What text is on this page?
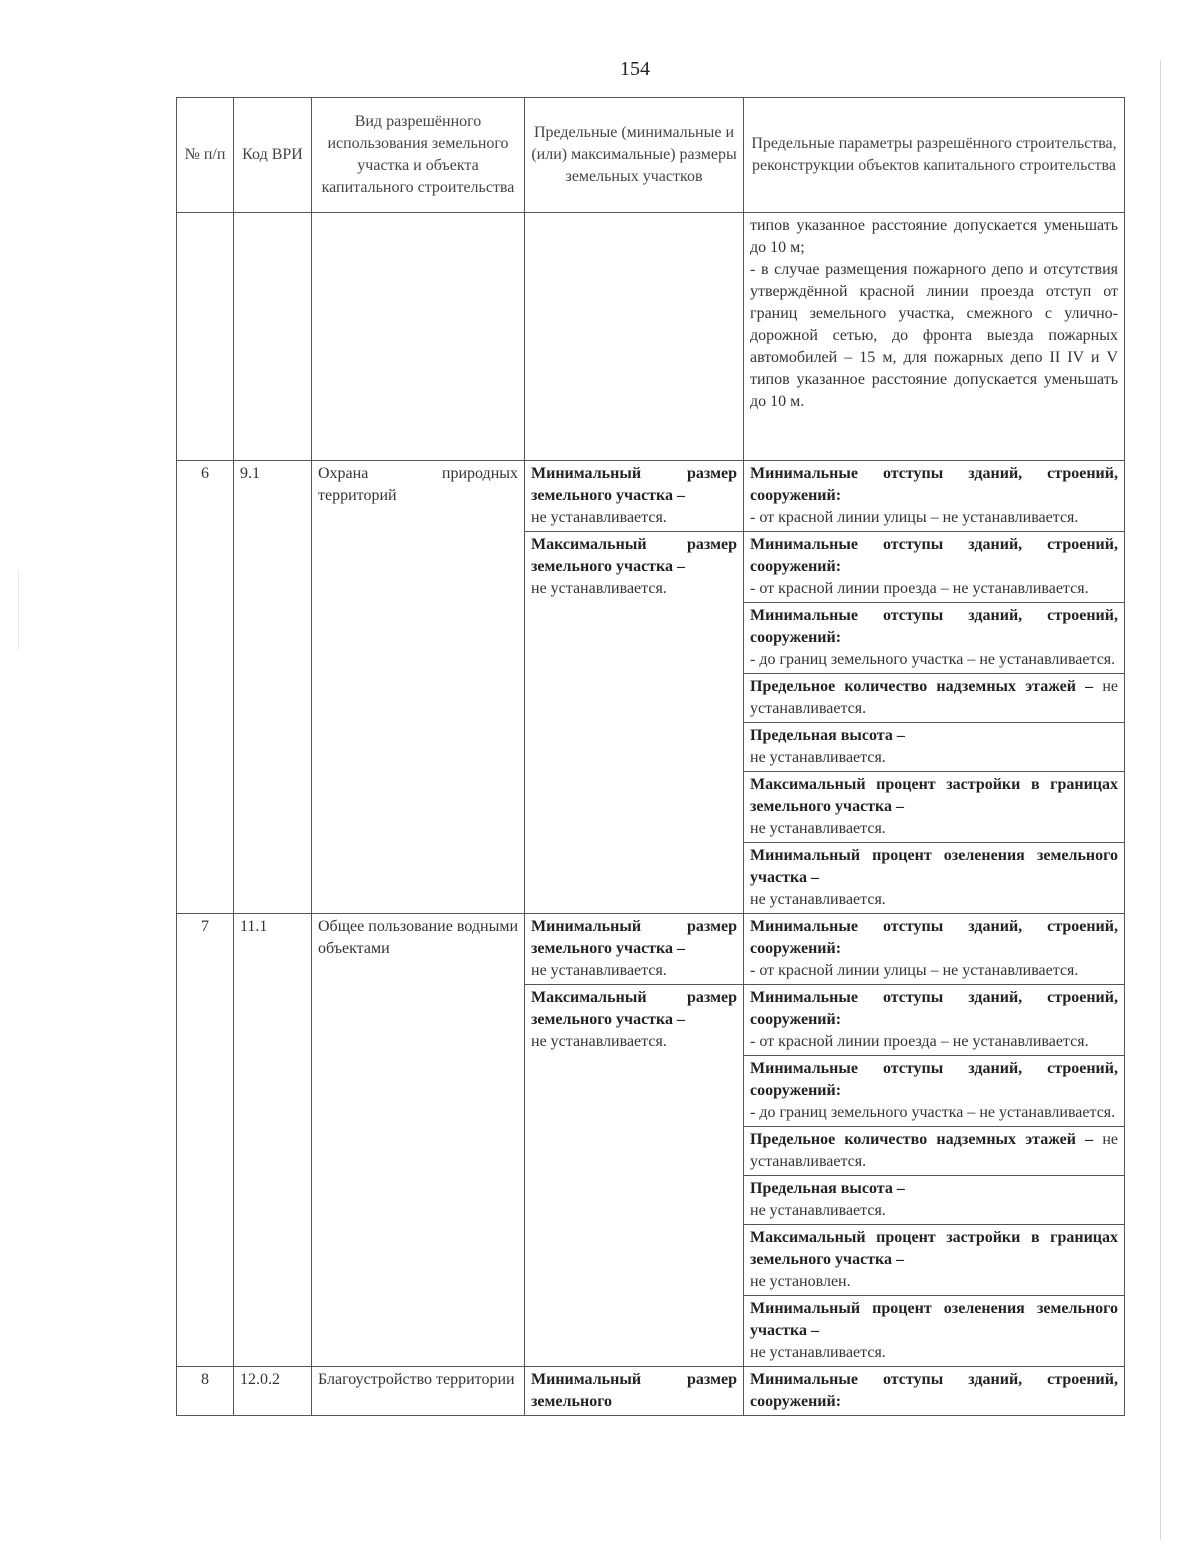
154
№ п/п	Код ВРИ	Вид разрешённого использования земельного участка и объекта капитального строительства	Предельные (минимальные и (или) максимальные) размеры земельных участков	Предельные параметры разрешённого строительства, реконструкции объектов капитального строительства
				типов указанное расстояние допускается уменьшать до 10 м;
- в случае размещения пожарного депо и отсутствия утверждённой красной линии проезда отступ от границ земельного участка, смежного с улично-дорожной сетью, до фронта выезда пожарных автомобилей – 15 м, для пожарных депо II IV и V типов указанное расстояние допускается уменьшать до 10 м.
6	9.1	Охрана природных территорий	Минимальный размер земельного участка –
не устанавливается.	Минимальные отступы зданий, строений, сооружений:
- от красной линии улицы – не устанавливается.

			Максимальный размер земельного участка –
не устанавливается.	Минимальные отступы зданий, строений, сооружений:
- от красной линии проезда – не устанавливается.

				Минимальные отступы зданий, строений, сооружений:
- до границ земельного участка – не устанавливается.

				Предельное количество надземных этажей – не устанавливается.

				Предельная высота –
не устанавливается.

				Максимальный процент застройки в границах земельного участка –
не устанавливается.

				Минимальный процент озеленения земельного участка –
не устанавливается.

7	11.1	Общее пользование водными объектами	Минимальный размер земельного участка –
не устанавливается.	Минимальные отступы зданий, строений, сооружений:
- от красной линии улицы – не устанавливается.

			Максимальный размер земельного участка –
не устанавливается.	Минимальные отступы зданий, строений, сооружений:
- от красной линии проезда – не устанавливается.

				Минимальные отступы зданий, строений, сооружений:
- до границ земельного участка – не устанавливается.

				Предельное количество надземных этажей – не устанавливается.

				Предельная высота –
не устанавливается.

				Максимальный процент застройки в границах земельного участка –
не установлен.

				Минимальный процент озеленения земельного участка –
не устанавливается.

8	12.0.2	Благоустройство территории	Минимальный размер земельного	Минимальные отступы зданий, строений, сооружений:
